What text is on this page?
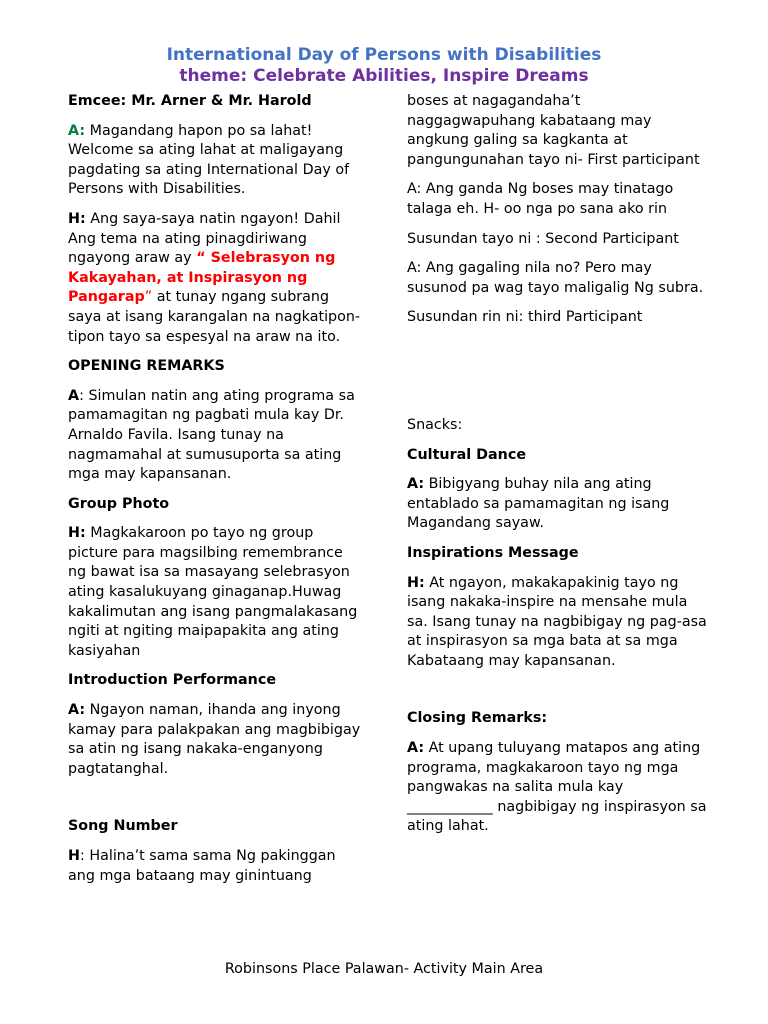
International Day of Persons with Disabilities
theme: Celebrate Abilities, Inspire Dreams

Emcee: Mr. Arner & Mr. Harold

A: Magandang hapon po sa lahat! Welcome sa ating lahat at maligayang pagdating sa ating International Day of Persons with Disabilities.

H: Ang saya-saya natin ngayon! Dahil Ang tema na ating pinagdiriwang ngayong araw ay “ Selebrasyon ng Kakayahan, at Inspirasyon ng Pangarap” at tunay ngang subrang saya at isang karangalan na nagkatipon- tipon tayo sa espesyal na araw na ito.

OPENING REMARKS

A: Simulan natin ang ating programa sa pamamagitan ng pagbati mula kay Dr. Arnaldo Favila. Isang tunay na nagmamahal at sumusuporta sa ating mga may kapansanan.

Group Photo

H: Magkakaroon po tayo ng group picture para magsilbing remembrance ng bawat isa sa masayang selebrasyon ating kasalukuyang ginaganap.Huwag kakalimutan ang isang pangmalakasang ngiti at ngiting maipapakita ang ating kasiyahan

Introduction Performance

A: Ngayon naman, ihanda ang inyong kamay para palakpakan ang magbibigay sa atin ng isang nakaka-enganyong pagtatanghal.

Song Number

H: Halina’t sama sama Ng pakinggan ang mga bataang may ginintuang

boses at nagagandaha’t naggagwapuhang kabataang may angkung galing sa kagkanta at pangungunahan tayo ni- First participant

A: Ang ganda Ng boses may tinatago talaga eh. H- oo nga po sana ako rin

Susundan tayo ni : Second Participant

A: Ang gagaling nila no? Pero may susunod pa wag tayo maligalig Ng subra.

Susundan rin ni: third Participant

Snacks:

Cultural Dance

A: Bibigyang buhay nila ang ating entablado sa pamamagitan ng isang Magandang sayaw.

Inspirations Message

H: At ngayon, makakapakinig tayo ng isang nakaka-inspire na mensahe mula sa. Isang tunay na nagbibigay ng pag-asa at inspirasyon sa mga bata at sa mga Kabataang may kapansanan.

Closing Remarks:

A: At upang tuluyang matapos ang ating programa, magkakaroon tayo ng mga pangwakas na salita mula kay ____________ nagbibigay ng inspirasyon sa ating lahat.

Robinsons Place Palawan- Activity Main Area
